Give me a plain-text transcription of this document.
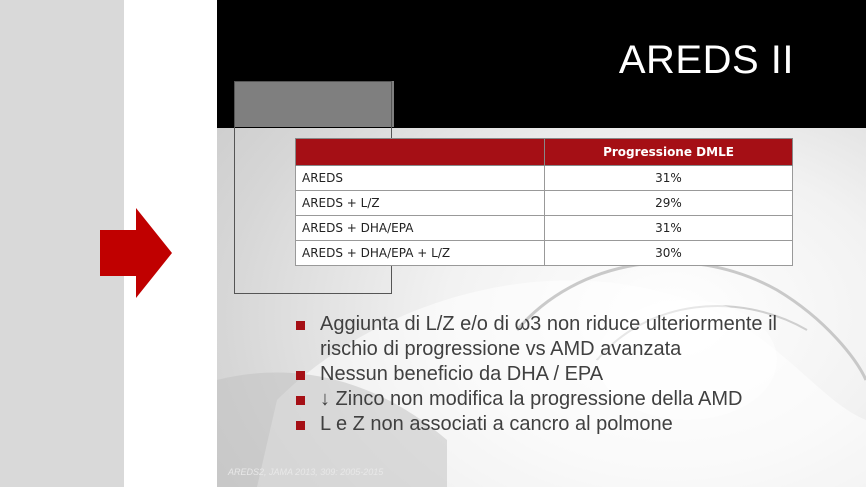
AREDS II
	Progressione DMLE
AREDS	31%
AREDS + L/Z	29%
AREDS + DHA/EPA	31%
AREDS + DHA/EPA + L/Z	30%
Aggiunta di L/Z e/o di ω3 non riduce ulteriormente il rischio di progressione vs AMD avanzata
Nessun beneficio da DHA / EPA
↓ Zinco non modifica la progressione della AMD
L e Z non associati a cancro al polmone
AREDS2, JAMA 2013, 309: 2005-2015
